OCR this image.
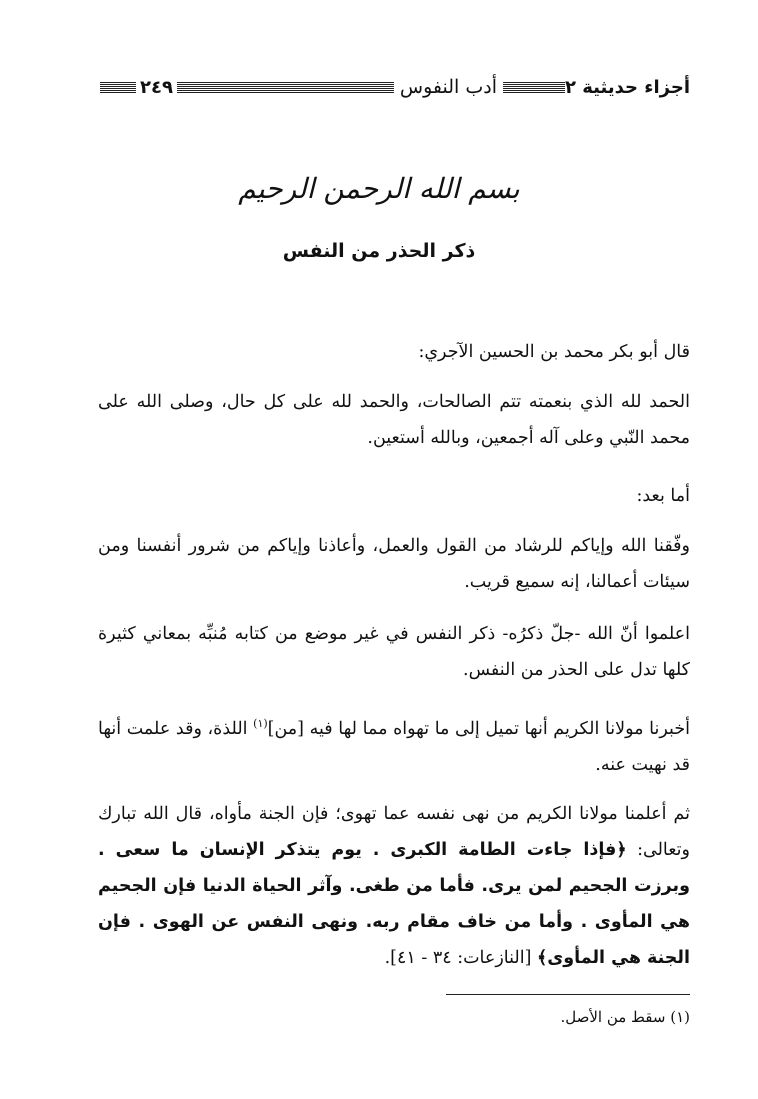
أجزاء حديثية ٢
أدب النفوس
٢٤٩
بسم الله الرحمن الرحيم
ذكر الحذر من النفس
قال أبو بكر محمد بن الحسين الآجري:
الحمد لله الذي بنعمته تتم الصالحات، والحمد لله على كل حال، وصلى الله على محمد النّبي وعلى آله أجمعين، وبالله أستعين.
أما بعد:
وفّقنا الله وإياكم للرشاد من القول والعمل، وأعاذنا وإياكم من شرور أنفسنا ومن سيئات أعمالنا، إنه سميع قريب.
اعلموا أنّ الله -جلّ ذكرُه- ذكر النفس في غير موضع من كتابه مُنبِّه بمعاني كثيرة كلها تدل على الحذر من النفس.
أخبرنا مولانا الكريم أنها تميل إلى ما تهواه مما لها فيه [من]$^{(١)}$ اللذة، وقد علمت أنها قد نهيت عنه.
ثم أعلمنا مولانا الكريم من نهى نفسه عما تهوى؛ فإن الجنة مأواه، قال الله تبارك وتعالى: ﴿فإذا جاءت الطامة الكبرى . يوم يتذكر الإنسان ما سعى . وبرزت الجحيم لمن يرى. فأما من طغى. وآثر الحياة الدنيا فإن الجحيم هي المأوى . وأما من خاف مقام ربه. ونهى النفس عن الهوى . فإن الجنة هي المأوى﴾ [النازعات: ٣٤ - ٤١].
(١) سقط من الأصل.
